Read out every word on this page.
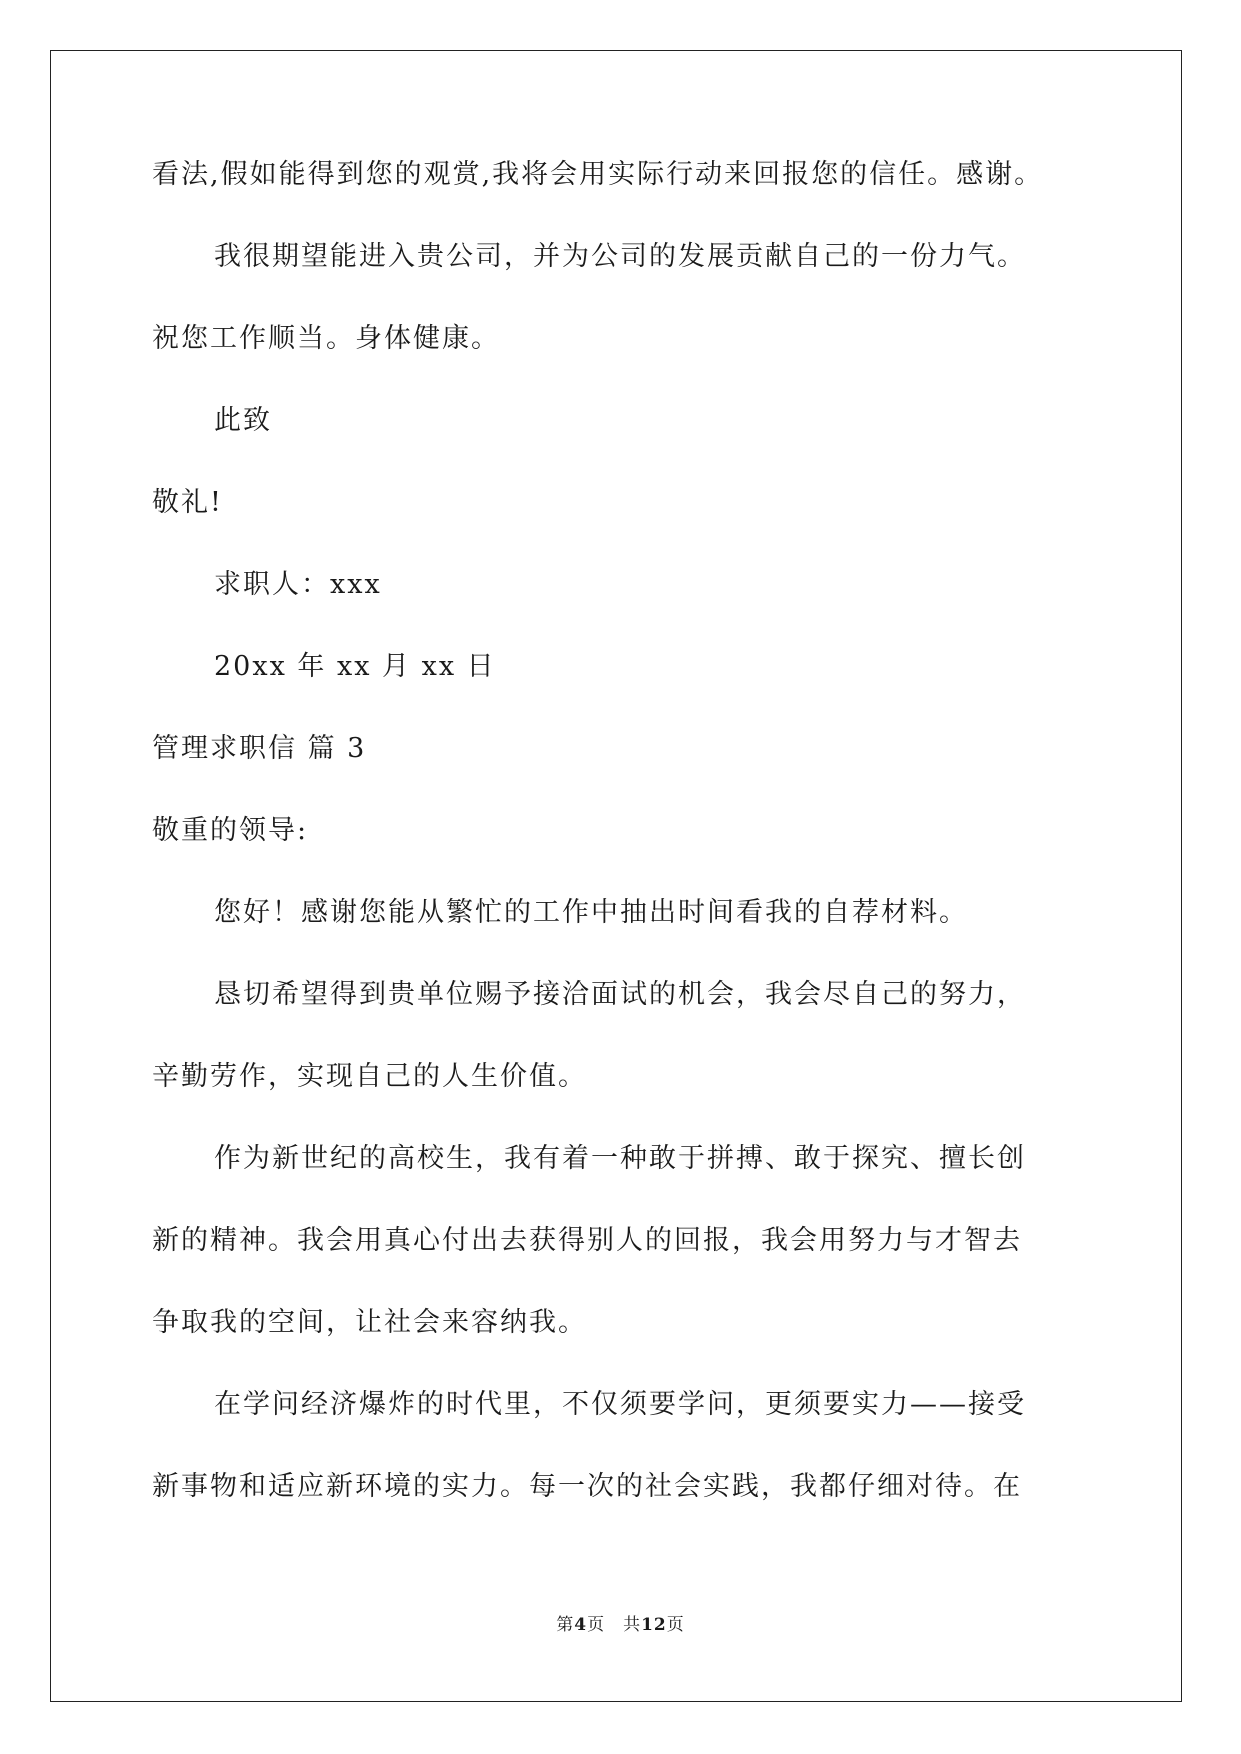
看法,假如能得到您的观赏,我将会用实际行动来回报您的信任。感谢。
我很期望能进入贵公司，并为公司的发展贡献自己的一份力气。
祝您工作顺当。身体健康。
此致
敬礼!
求职人：xxx
20xx 年 xx 月 xx 日
管理求职信 篇 3
敬重的领导:
您好！感谢您能从繁忙的工作中抽出时间看我的自荐材料。
恳切希望得到贵单位赐予接洽面试的机会，我会尽自己的努力，
辛勤劳作，实现自己的人生价值。
作为新世纪的高校生，我有着一种敢于拼搏、敢于探究、擅长创
新的精神。我会用真心付出去获得别人的回报，我会用努力与才智去
争取我的空间，让社会来容纳我。
在学问经济爆炸的时代里，不仅须要学问，更须要实力——接受
新事物和适应新环境的实力。每一次的社会实践，我都仔细对待。在
第4页 共12页
